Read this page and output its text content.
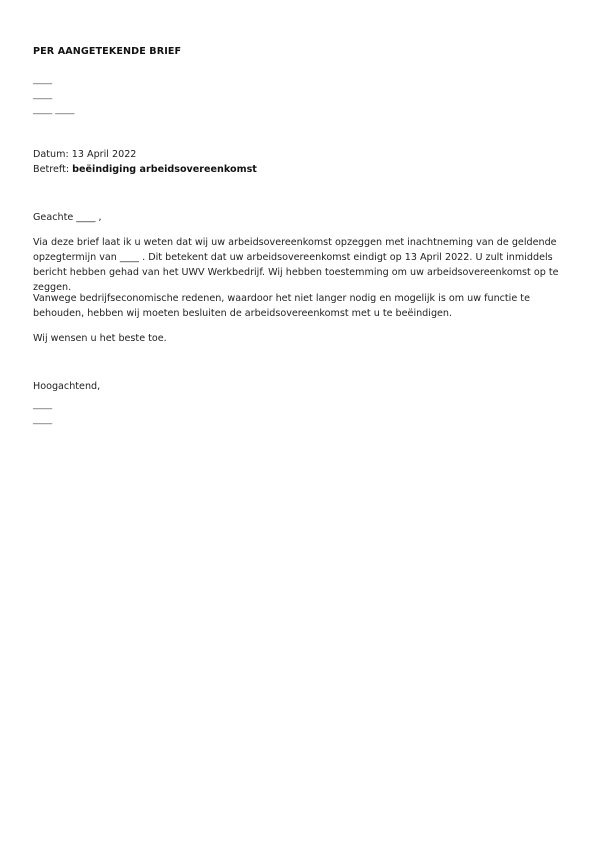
PER AANGETEKENDE BRIEF
____
____
____ ____
Datum: 13 April 2022
Betreft: beëindiging arbeidsovereenkomst
Geachte ____ ,

Via deze brief laat ik u weten dat wij uw arbeidsovereenkomst opzeggen met inachtneming van de geldende opzegtermijn van ____ . Dit betekent dat uw arbeidsovereenkomst eindigt op 13 April 2022. U zult inmiddels bericht hebben gehad van het UWV Werkbedrijf. Wij hebben toestemming om uw arbeidsovereenkomst op te zeggen.

Vanwege bedrijfseconomische redenen, waardoor het niet langer nodig en mogelijk is om uw functie te behouden, hebben wij moeten besluiten de arbeidsovereenkomst met u te beëindigen.

Wij wensen u het beste toe.

Hoogachtend,
____
____
